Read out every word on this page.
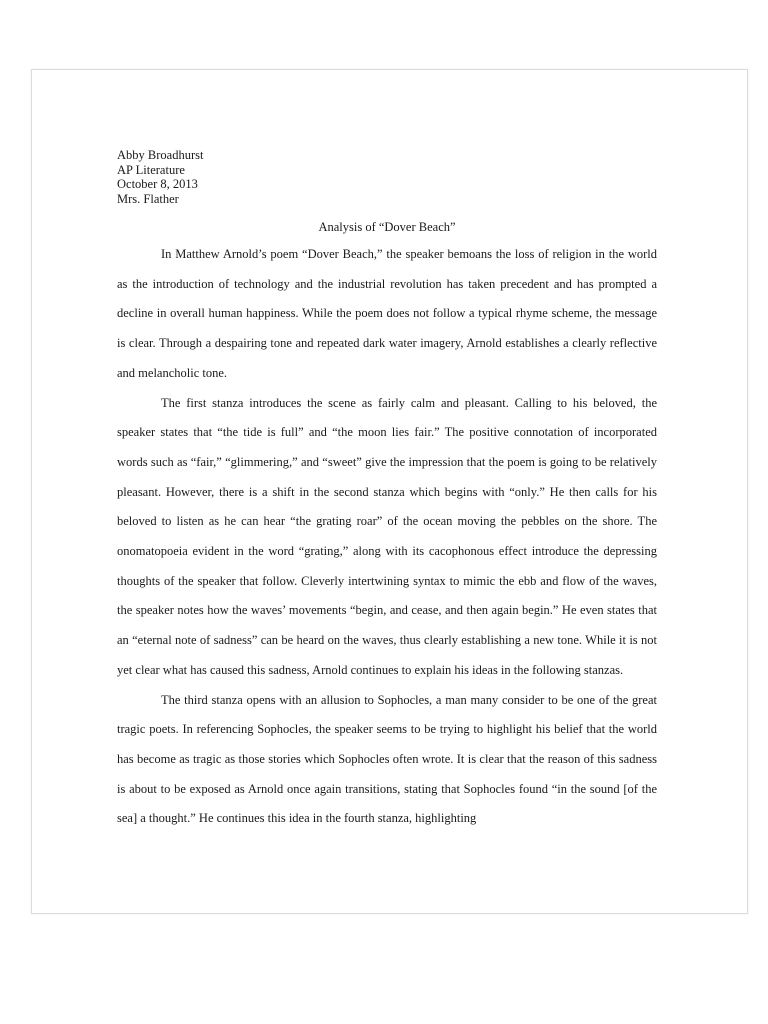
Abby Broadhurst
AP Literature
October 8, 2013
Mrs. Flather
Analysis of “Dover Beach”

In Matthew Arnold’s poem “Dover Beach,” the speaker bemoans the loss of religion in the world as the introduction of technology and the industrial revolution has taken precedent and has prompted a decline in overall human happiness. While the poem does not follow a typical rhyme scheme, the message is clear. Through a despairing tone and repeated dark water imagery, Arnold establishes a clearly reflective and melancholic tone.

The first stanza introduces the scene as fairly calm and pleasant. Calling to his beloved, the speaker states that “the tide is full” and “the moon lies fair.” The positive connotation of incorporated words such as “fair,” “glimmering,” and “sweet” give the impression that the poem is going to be relatively pleasant. However, there is a shift in the second stanza which begins with “only.” He then calls for his beloved to listen as he can hear “the grating roar” of the ocean moving the pebbles on the shore. The onomatopoeia evident in the word “grating,” along with its cacophonous effect introduce the depressing thoughts of the speaker that follow. Cleverly intertwining syntax to mimic the ebb and flow of the waves, the speaker notes how the waves’ movements “begin, and cease, and then again begin.” He even states that an “eternal note of sadness” can be heard on the waves, thus clearly establishing a new tone. While it is not yet clear what has caused this sadness, Arnold continues to explain his ideas in the following stanzas.

The third stanza opens with an allusion to Sophocles, a man many consider to be one of the great tragic poets. In referencing Sophocles, the speaker seems to be trying to highlight his belief that the world has become as tragic as those stories which Sophocles often wrote. It is clear that the reason of this sadness is about to be exposed as Arnold once again transitions, stating that Sophocles found “in the sound [of the sea] a thought.” He continues this idea in the fourth stanza, highlighting
